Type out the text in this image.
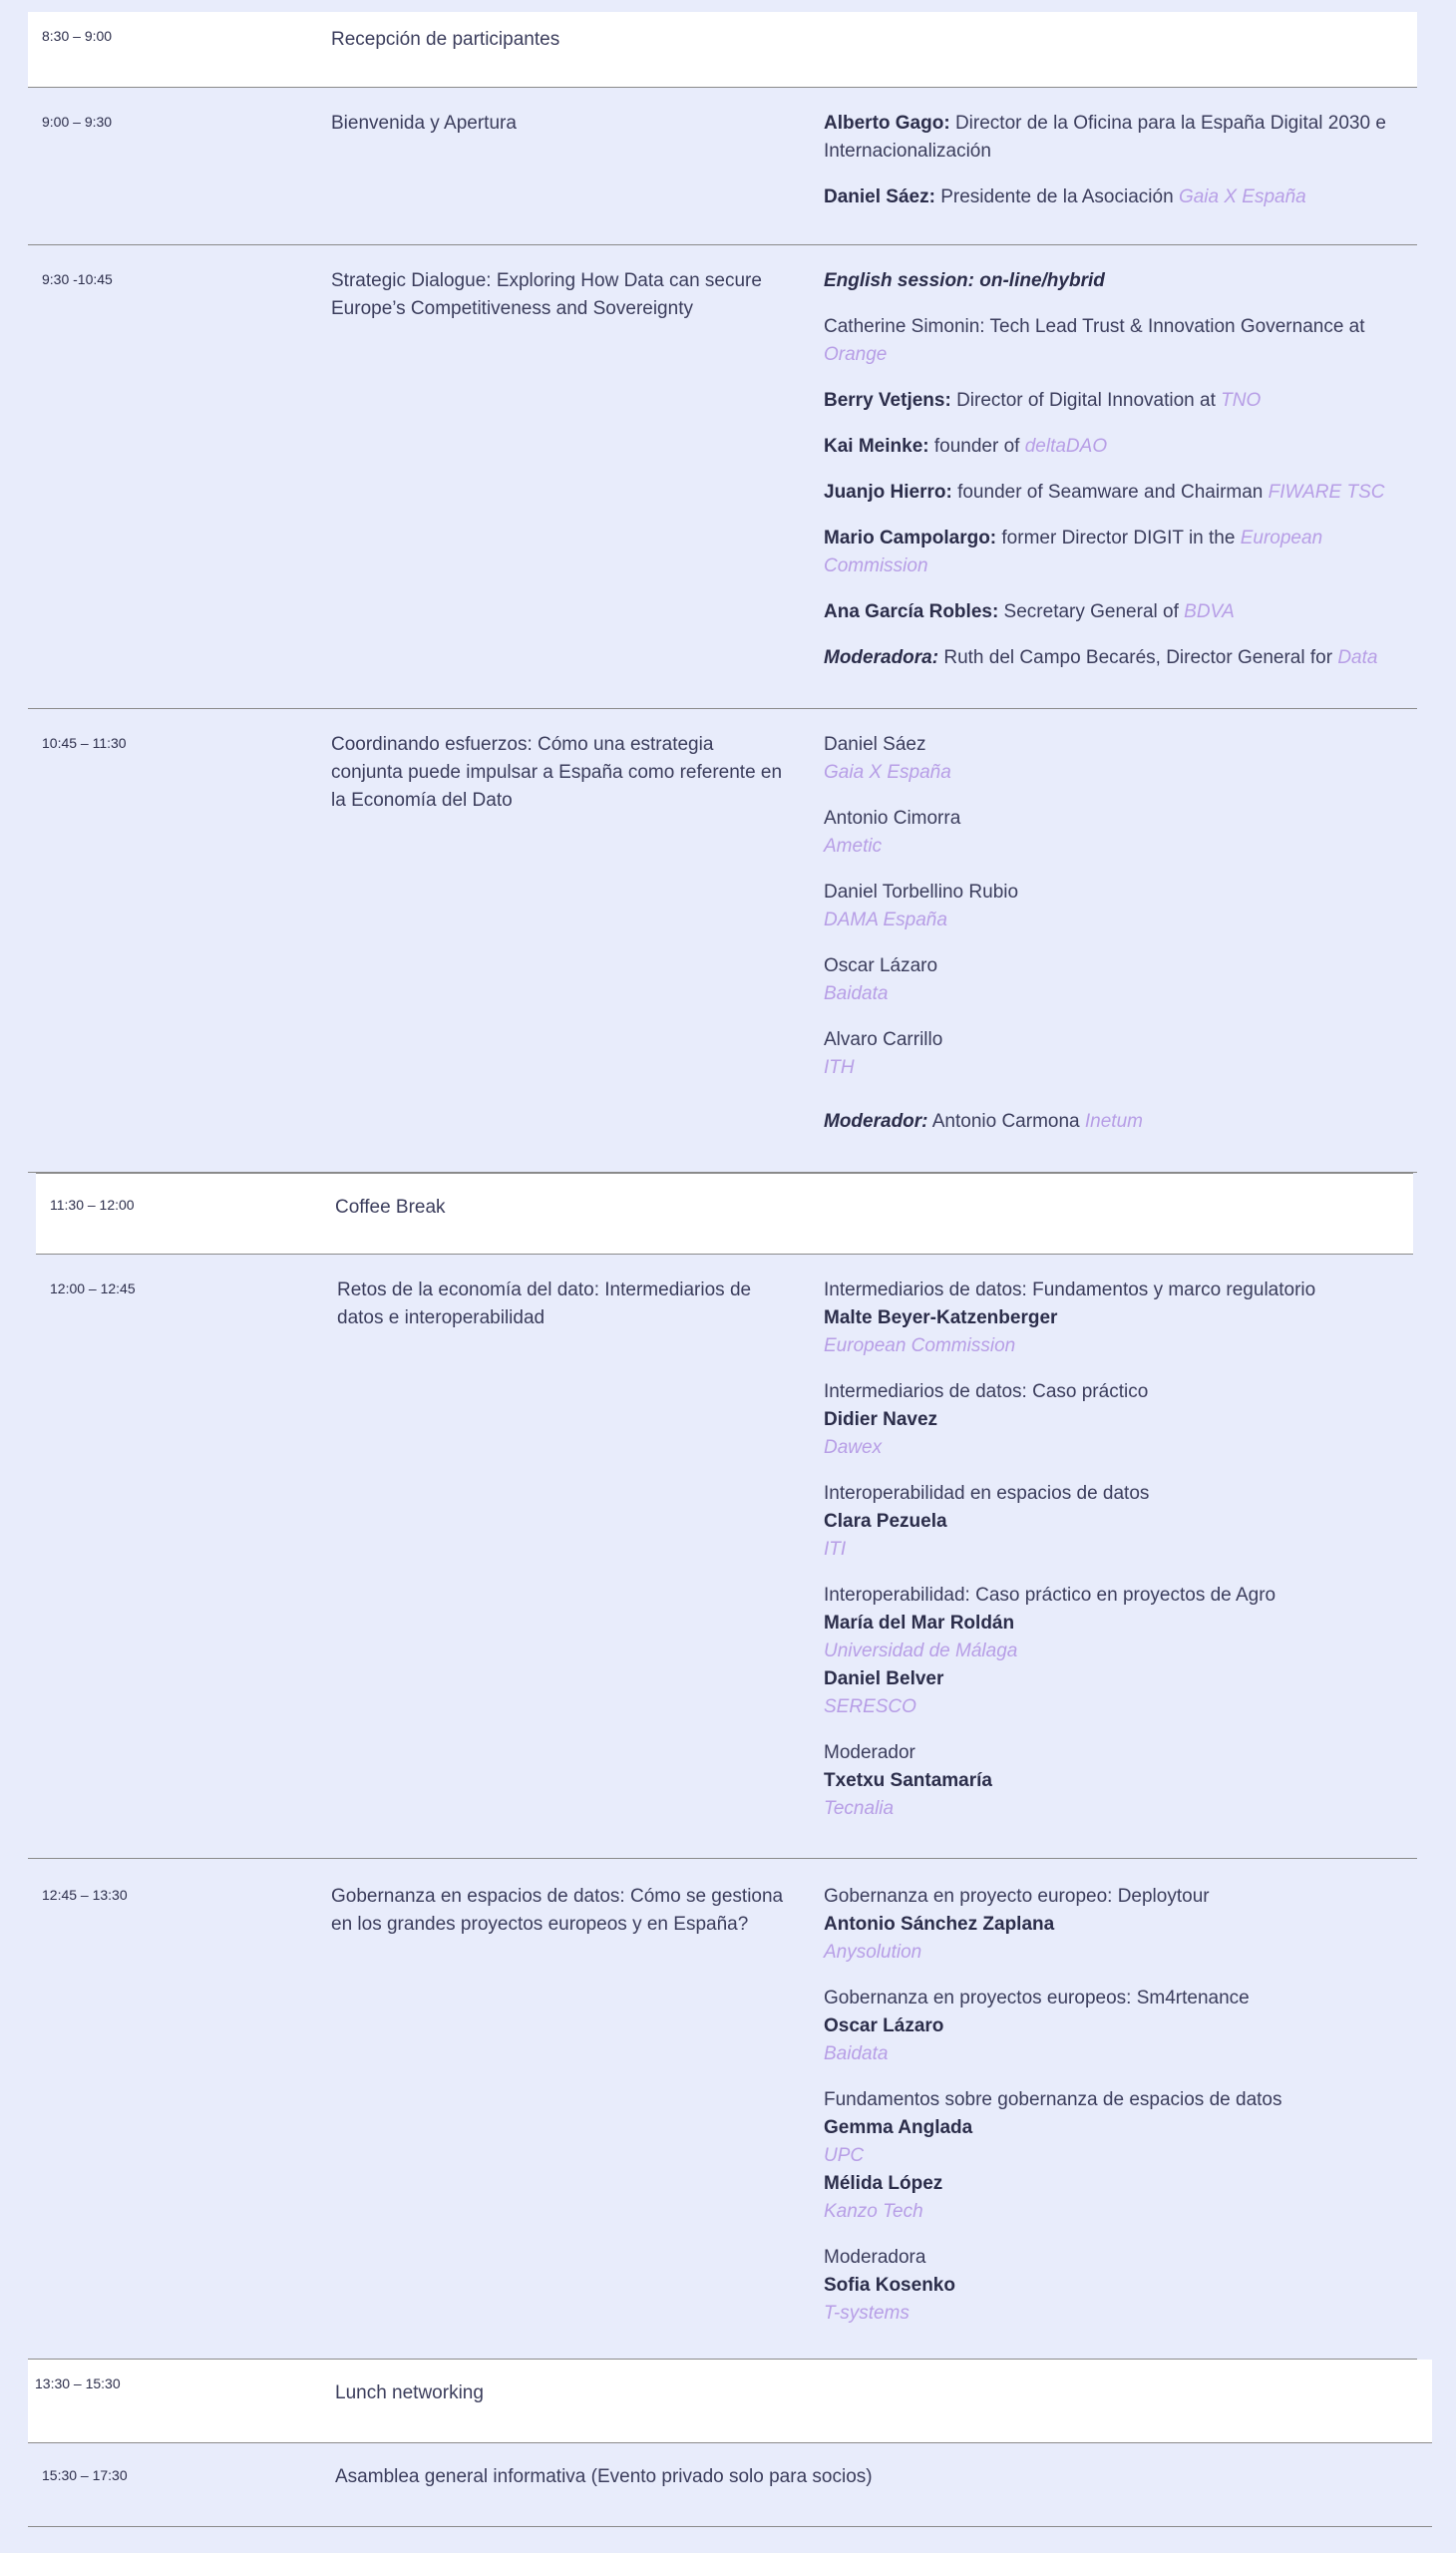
8:30 – 9:00	Recepción de participantes
9:00 – 9:30	Bienvenida y Apertura	Alberto Gago: Director de la Oficina para la España Digital 2030 e Internacionalización
Daniel Sáez: Presidente de la Asociación Gaia X España
9:30 -10:45	Strategic Dialogue: Exploring How Data can secure Europe’s Competitiveness and Sovereignty
English session: on-line/hybrid
Catherine Simonin: Tech Lead Trust & Innovation Governance at Orange
Berry Vetjens: Director of Digital Innovation at TNO
Kai Meinke: founder of deltaDAO
Juanjo Hierro: founder of Seamware and Chairman FIWARE TSC
Mario Campolargo: former Director DIGIT in the European Commission
Ana García Robles: Secretary General of BDVA
Moderadora: Ruth del Campo Becarés, Director General for Data
10:45 – 11:30	Coordinando esfuerzos: Cómo una estrategia conjunta puede impulsar a España como referente en la Economía del Dato
Daniel Sáez
Gaia X España
Antonio Cimorra
Ametic
Daniel Torbellino Rubio
DAMA España
Oscar Lázaro
Baidata
Alvaro Carrillo
ITH
Moderador: Antonio Carmona Inetum
11:30 – 12:00	Coffee Break
12:00 – 12:45	Retos de la economía del dato: Intermediarios de datos e interoperabilidad
Intermediarios de datos: Fundamentos y marco regulatorio
Malte Beyer-Katzenberger
European Commission
Intermediarios de datos: Caso práctico
Didier Navez
Dawex
Interoperabilidad en espacios de datos
Clara Pezuela
ITI
Interoperabilidad: Caso práctico en proyectos de Agro
María del Mar Roldán
Universidad de Málaga
Daniel Belver
SERESCO
Moderador
Txetxu Santamaría
Tecnalia
12:45 – 13:30	Gobernanza en espacios de datos: Cómo se gestiona en los grandes proyectos europeos y en España?
Gobernanza en proyecto europeo: Deploytour
Antonio Sánchez Zaplana
Anysolution
Gobernanza en proyectos europeos: Sm4rtenance
Oscar Lázaro
Baidata
Fundamentos sobre gobernanza de espacios de datos
Gemma Anglada
UPC
Mélida López
Kanzo Tech
Moderadora
Sofia Kosenko
T-systems
13:30 – 15:30	Lunch networking
15:30 – 17:30	Asamblea general informativa (Evento privado solo para socios)
